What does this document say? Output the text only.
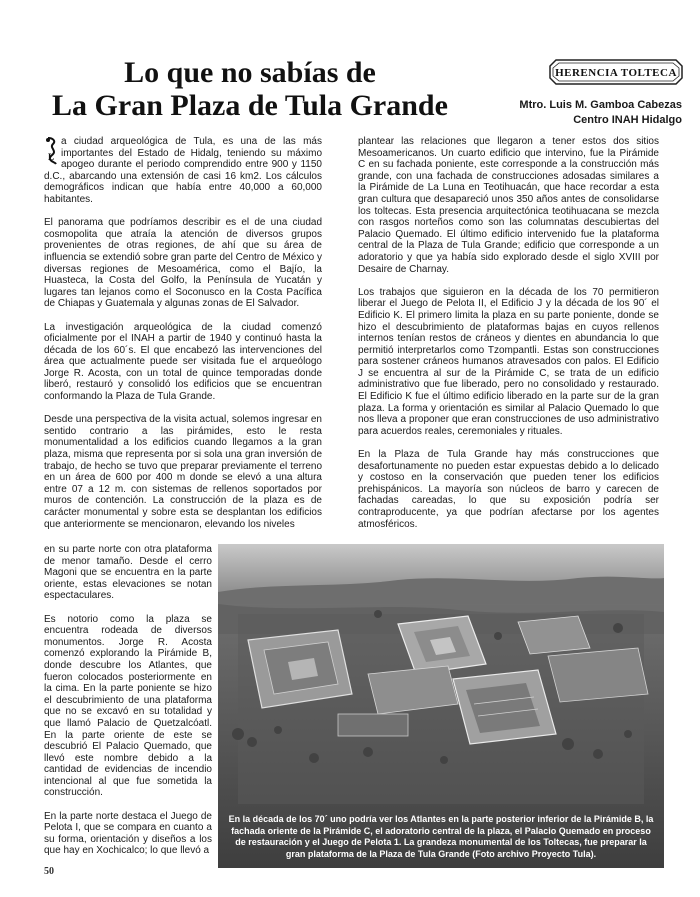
Lo que no sabías de
La Gran Plaza de Tula Grande
HERENCIA TOLTECA
Mtro. Luis M. Gamboa Cabezas
Centro INAH Hidalgo

L
a ciudad arqueológica de Tula, es una de las más importantes del Estado de Hidalg, teniendo su máximo apogeo durante el periodo comprendido entre 900 y 1150 d.C., abarcando una extensión de casi 16 km2. Los cálculos demográficos indican que había entre 40,000 a 60,000 habitantes.

El panorama que podríamos describir es el de una ciudad cosmopolita que atraía la atención de diversos grupos provenientes de otras regiones, de ahí que su área de influencia se extendió sobre gran parte del Centro de México y diversas regiones de Mesoamérica, como el Bajío, la Huasteca, la Costa del Golfo, la Península de Yucatán y lugares tan lejanos como el Soconusco en la Costa Pacífica de Chiapas y Guatemala y algunas zonas de El Salvador.

La investigación arqueológica de la ciudad comenzó oficialmente por el INAH a partir de 1940 y continuó hasta la década de los 60´s. El que encabezó las intervenciones del área que actualmente puede ser visitada fue el arqueólogo Jorge R. Acosta, con un total de quince temporadas donde liberó, restauró y consolidó los edificios que se encuentran conformando la Plaza de Tula Grande.

Desde una perspectiva de la visita actual, solemos ingresar en sentido contrario a las pirámides, esto le resta monumentalidad a los edificios cuando llegamos a la gran plaza, misma que representa por si sola una gran inversión de trabajo, de hecho se tuvo que preparar previamente el terreno en un área de 600 por 400 m donde se elevó a una altura entre 07 a 12 m. con sistemas de rellenos soportados por muros de contención. La construcción de la plaza es de carácter monumental y sobre esta se desplantan los edificios que anteriormente se mencionaron, elevando los niveles

en su parte norte con otra plataforma de menor tamaño. Desde el cerro Magoni que se encuentra en la parte oriente, estas elevaciones se notan espectaculares.

Es notorio como la plaza se encuentra rodeada de diversos monumentos. Jorge R. Acosta comenzó explorando la Pirámide B, donde descubre los Atlantes, que fueron colocados posteriormente en la cima. En la parte poniente se hizo el descubrimiento de una plataforma que no se excavó en su totalidad y que llamó Palacio de Quetzalcóatl. En la parte oriente de este se descubrió El Palacio Quemado, que llevó este nombre debido a la cantidad de evidencias de incendio intencional al que fue sometida la construcción.

En la parte norte destaca el Juego de Pelota I, que se compara en cuanto a su forma, orientación y diseños a los que hay en Xochicalco; lo que llevó a

plantear las relaciones que llegaron a tener estos dos sitios Mesoamericanos. Un cuarto edificio que intervino, fue la Pirámide C en su fachada poniente, este corresponde a la construcción más grande, con una fachada de construcciones adosadas similares a la Pirámide de La Luna en Teotihuacán, que hace recordar a esta gran cultura que desapareció unos 350 años antes de consolidarse los toltecas. Esta presencia arquitectónica teotihuacana se mezcla con rasgos norteños como son las columnatas descubiertas del Palacio Quemado. El último edificio intervenido fue la plataforma central de la Plaza de Tula Grande; edificio que corresponde a un adoratorio y que ya había sido explorado desde el siglo XVIII por Desaire de Charnay.

Los trabajos que siguieron en la década de los 70 permitieron liberar el Juego de Pelota II, el Edificio J y la década de los 90´ el Edificio K. El primero limita la plaza en su parte poniente, donde se hizo el descubrimiento de plataformas bajas en cuyos rellenos internos tenían restos de cráneos y dientes en abundancia lo que permitió interpretarlos como Tzompantli. Estas son construcciones para sostener cráneos humanos atravesados con palos. El Edificio J se encuentra al sur de la Pirámide C, se trata de un edificio administrativo que fue liberado, pero no consolidado y restaurado. El Edificio K fue el último edificio liberado en la parte sur de la gran plaza. La forma y orientación es similar al Palacio Quemado lo que nos lleva a proponer que eran construcciones de uso administrativo para acuerdos reales, ceremoniales y rituales.

En la Plaza de Tula Grande hay más construcciones que desafortunamente no pueden estar expuestas debido a lo delicado y costoso en la conservación que pueden tener los edificios prehispánicos. La mayoría son núcleos de barro y carecen de fachadas careadas, lo que su exposición podría ser contraproducente, ya que podrían afectarse por los agentes atmosféricos.

En la década de los 70´ uno podría ver los Atlantes en la parte posterior inferior de la Pirámide B, la fachada oriente de la Pirámide C, el adoratorio central de la plaza, el Palacio Quemado en proceso de restauración y el Juego de Pelota 1. La grandeza monumental de los Toltecas, fue preparar la gran plataforma de la Plaza de Tula Grande (Foto archivo Proyecto Tula).
50
